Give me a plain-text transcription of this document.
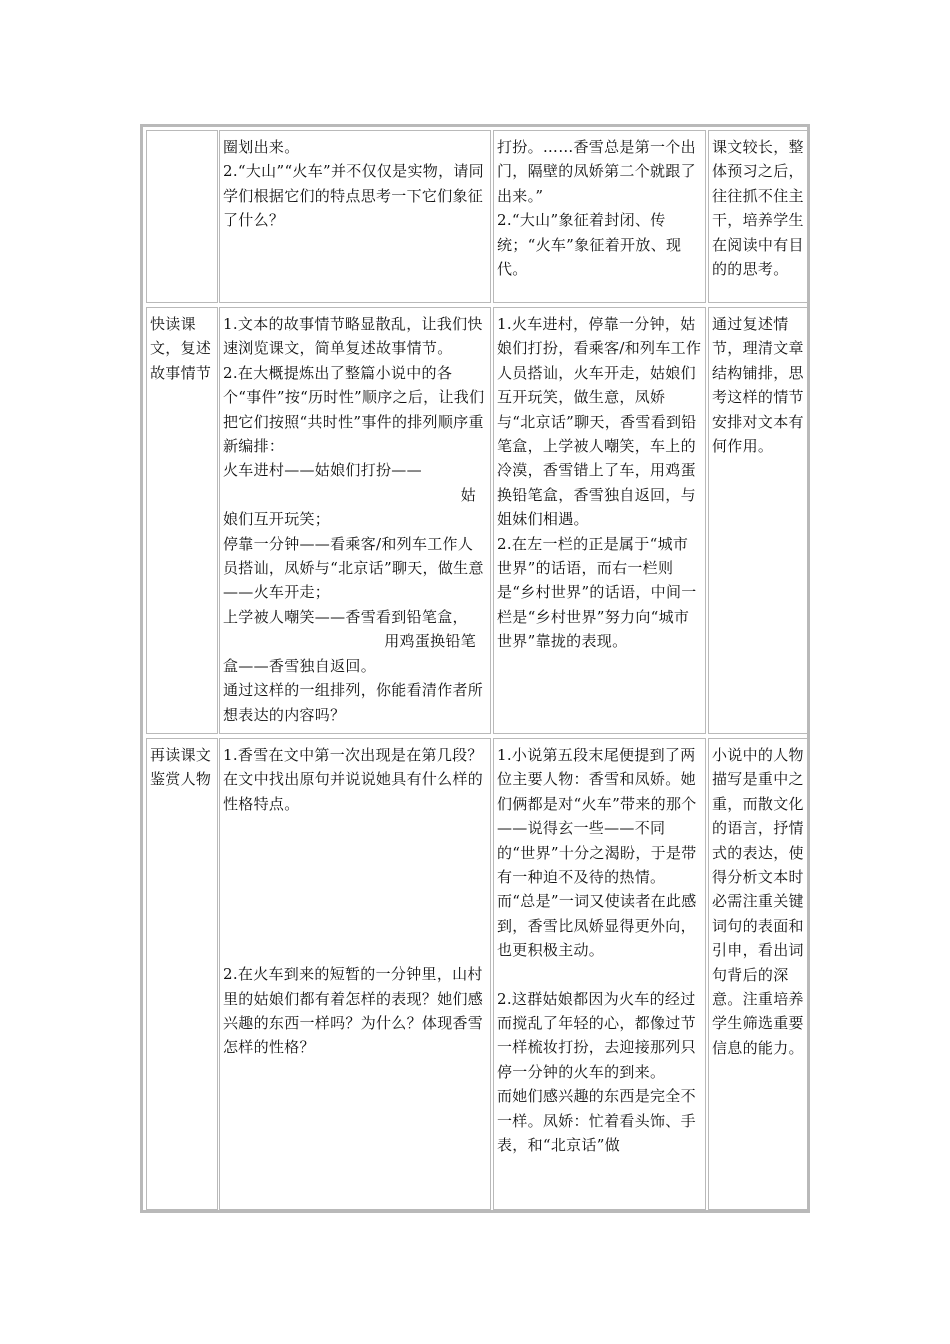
圈划出来。

2.“大山”“火车”并不仅仅是实物，请同学们根据它们的特点思考一下它们象征了什么？

打扮。……香雪总是第一个出门，隔壁的凤娇第二个就跟了出来。”

2.“大山”象征着封闭、传统；“火车”象征着开放、现代。

课文较长，整体预习之后，往往抓不住主干，培养学生在阅读中有目的的思考。

快读课文，复述故事情节

1.文本的故事情节略显散乱，让我们快速浏览课文，简单复述故事情节。

2.在大概提炼出了整篇小说中的各个“事件”按“历时性”顺序之后，让我们把它们按照“共时性”事件的排列顺序重新编排：

火车进村——姑娘们打扮——

姑

娘们互开玩笑；

停靠一分钟——看乘客/和列车工作人员搭讪，凤娇与“北京话”聊天，做生意——火车开走；

上学被人嘲笑——香雪看到铅笔盒，

用鸡蛋换铅笔

盒——香雪独自返回。

通过这样的一组排列，你能看清作者所想表达的内容吗？

1.火车进村，停靠一分钟，姑娘们打扮，看乘客/和列车工作人员搭讪，火车开走，姑娘们互开玩笑，做生意，凤娇与“北京话”聊天，香雪看到铅笔盒，上学被人嘲笑，车上的冷漠，香雪错上了车，用鸡蛋换铅笔盒，香雪独自返回，与姐妹们相遇。

2.在左一栏的正是属于“城市世界”的话语，而右一栏则是“乡村世界”的话语，中间一栏是“乡村世界”努力向“城市世界”靠拢的表现。

通过复述情节，理清文章结构铺排，思考这样的情节安排对文本有何作用。

再读课文鉴赏人物

1.香雪在文中第一次出现是在第几段？在文中找出原句并说说她具有什么样的性格特点。

2.在火车到来的短暂的一分钟里，山村里的姑娘们都有着怎样的表现？她们感兴趣的东西一样吗？为什么？体现香雪怎样的性格？

1.小说第五段末尾便提到了两位主要人物：香雪和凤娇。她们俩都是对“火车”带来的那个——说得玄一些——不同的“世界”十分之渴盼，于是带有一种迫不及待的热情。而“总是”一词又使读者在此感到，香雪比凤娇显得更外向，也更积极主动。

2.这群姑娘都因为火车的经过而搅乱了年轻的心，都像过节一样梳妆打扮，去迎接那列只停一分钟的火车的到来。

而她们感兴趣的东西是完全不一样。凤娇：忙着看头饰、手表，和“北京话”做

小说中的人物描写是重中之重，而散文化的语言，抒情式的表达，使得分析文本时必需注重关键词句的表面和引申，看出词句背后的深意。注重培养学生筛选重要信息的能力。
